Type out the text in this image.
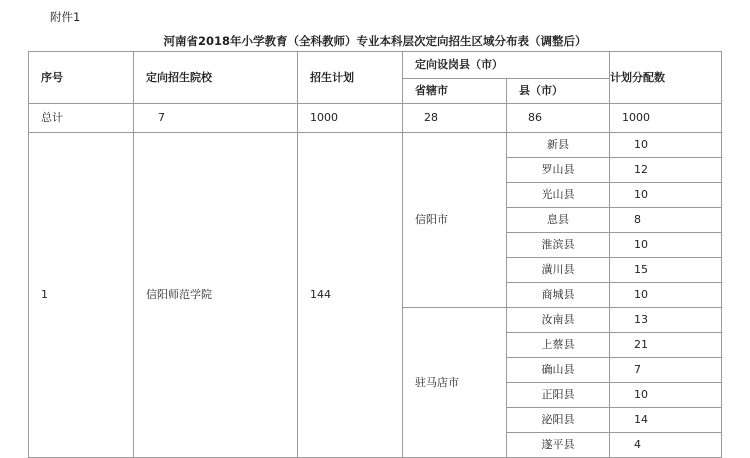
附件1
河南省2018年小学教育（全科教师）专业本科层次定向招生区域分布表（调整后）
序号	定向招生院校	招生计划	定向设岗县（市）		计划分配数
			省辖市	县（市）	
总计	7	1000	28	86	1000
1	信阳师范学院	144	信阳市	新县	10
				罗山县	12
				光山县	10
				息县	8
				淮滨县	10
				潢川县	15
				商城县	10
			驻马店市	汝南县	13
				上蔡县	21
				确山县	7
				正阳县	10
				泌阳县	14
				遂平县	4
